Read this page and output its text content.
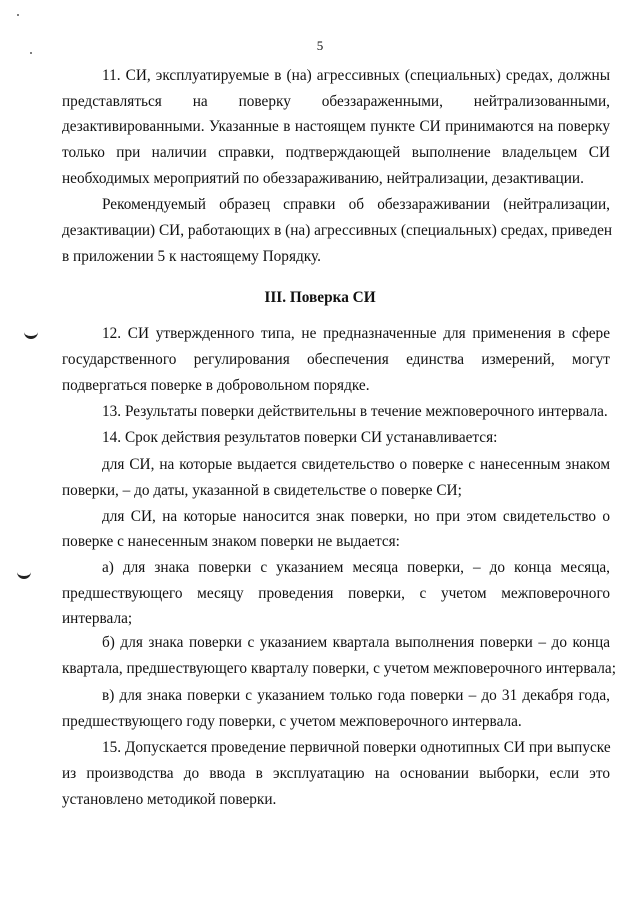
5
11. СИ, эксплуатируемые в (на) агрессивных (специальных) средах, должны
представляться на поверку обеззараженными, нейтрализованными,
дезактивированными. Указанные в настоящем пункте СИ принимаются на поверку
только при наличии справки, подтверждающей выполнение владельцем СИ
необходимых мероприятий по обеззараживанию, нейтрализации, дезактивации.
Рекомендуемый образец справки об обеззараживании (нейтрализации,
дезактивации) СИ, работающих в (на) агрессивных (специальных) средах, приведен
в приложении 5 к настоящему Порядку.
III. Поверка СИ
12. СИ утвержденного типа, не предназначенные для применения в сфере
государственного регулирования обеспечения единства измерений, могут
подвергаться поверке в добровольном порядке.
13. Результаты поверки действительны в течение межповерочного интервала.
14. Срок действия результатов поверки СИ устанавливается:
для СИ, на которые выдается свидетельство о поверке с нанесенным знаком
поверки, – до даты, указанной в свидетельстве о поверке СИ;
для СИ, на которые наносится знак поверки, но при этом свидетельство о
поверке с нанесенным знаком поверки не выдается:
а) для знака поверки с указанием месяца поверки, – до конца месяца,
предшествующего месяцу проведения поверки, с учетом межповерочного
интервала;
б) для знака поверки с указанием квартала выполнения поверки – до конца
квартала, предшествующего кварталу поверки, с учетом межповерочного интервала;
в) для знака поверки с указанием только года поверки – до 31 декабря года,
предшествующего году поверки, с учетом межповерочного интервала.
15. Допускается проведение первичной поверки однотипных СИ при выпуске
из производства до ввода в эксплуатацию на основании выборки, если это
установлено методикой поверки.
